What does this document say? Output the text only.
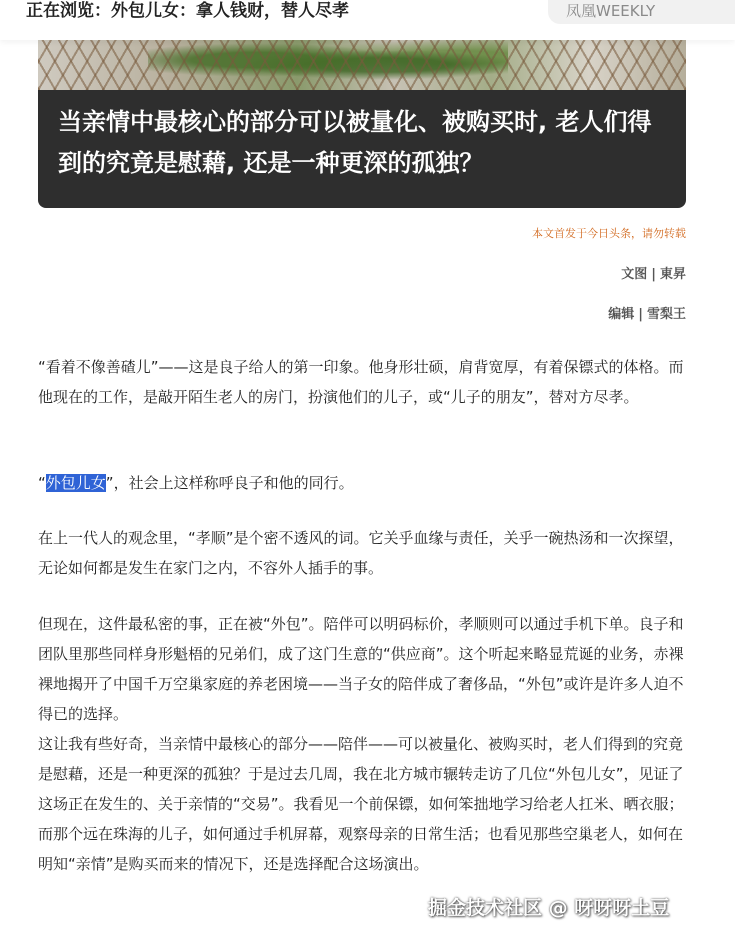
正在浏览：外包儿女：拿人钱财，替人尽孝	凤凰WEEKLY
当亲情中最核心的部分可以被量化、被购买时, 老人们得到的究竟是慰藉, 还是一种更深的孤独？
本文首发于今日头条，请勿转载
文图 | 東昇
编辑 | 雪梨王
“看着不像善碴儿”——这是良子给人的第一印象。他身形壮硕，肩背宽厚，有着保镖式的体格。而他现在的工作，是敲开陌生老人的房门，扮演他们的儿子，或“儿子的朋友”，替对方尽孝。
“外包儿女”，社会上这样称呼良子和他的同行。
在上一代人的观念里，“孝顺”是个密不透风的词。它关乎血缘与责任，关乎一碗热汤和一次探望，无论如何都是发生在家门之内，不容外人插手的事。
但现在，这件最私密的事，正在被“外包”。陪伴可以明码标价，孝顺则可以通过手机下单。良子和团队里那些同样身形魁梧的兄弟们，成了这门生意的“供应商”。这个听起来略显荒诞的业务，赤裸裸地揭开了中国千万空巢家庭的养老困境——当子女的陪伴成了奢侈品，“外包”或许是许多人迫不得已的选择。
这让我有些好奇，当亲情中最核心的部分——陪伴——可以被量化、被购买时，老人们得到的究竟是慰藉，还是一种更深的孤独？于是过去几周，我在北方城市辗转走访了几位“外包儿女”，见证了这场正在发生的、关于亲情的“交易”。我看见一个前保镖，如何笨拙地学习给老人扛米、晒衣服；而那个远在珠海的儿子，如何通过手机屏幕，观察母亲的日常生活；也看见那些空巢老人，如何在明知“亲情”是购买而来的情况下，还是选择配合这场演出。
掘金技术社区 @ 呀呀呀土豆
